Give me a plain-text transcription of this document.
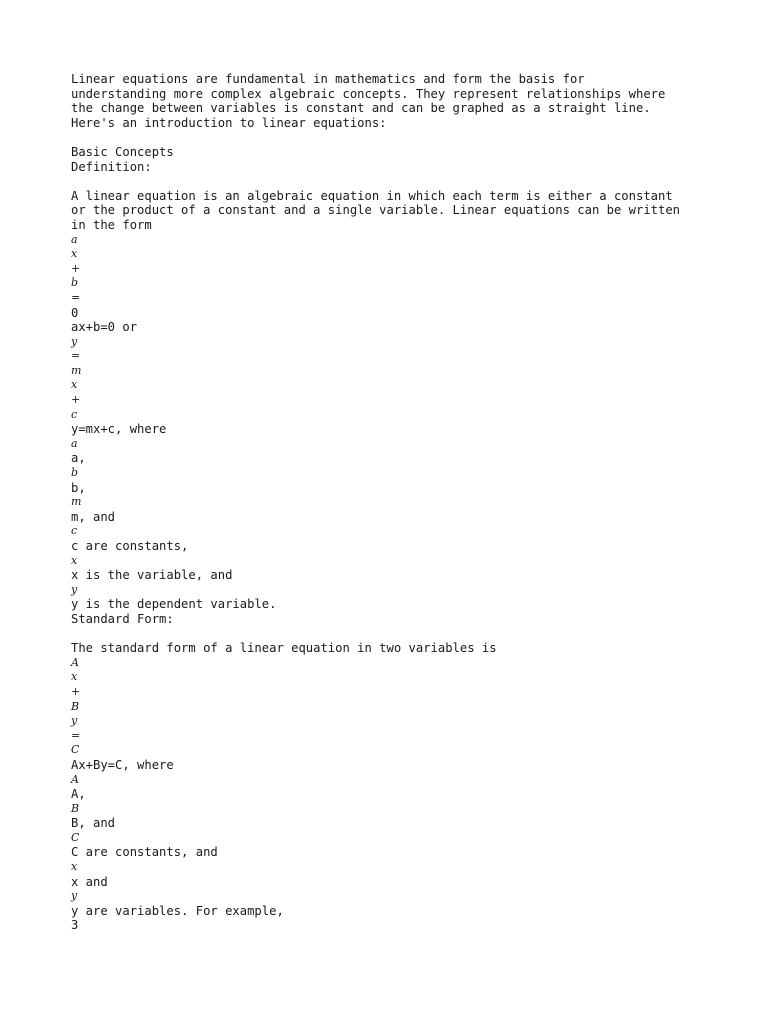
Linear equations are fundamental in mathematics and form the basis for
understanding more complex algebraic concepts. They represent relationships where
the change between variables is constant and can be graphed as a straight line.
Here's an introduction to linear equations:
Basic Concepts
Definition:
A linear equation is an algebraic equation in which each term is either a constant
or the product of a constant and a single variable. Linear equations can be written
in the form
a
x
+
b
=
0
ax+b=0 or
y
=
m
x
+
c
y=mx+c, where
a
a,
b
b,
m
m, and
c
c are constants,
x
x is the variable, and
y
y is the dependent variable.
Standard Form:
The standard form of a linear equation in two variables is
A
x
+
B
y
=
C
Ax+By=C, where
A
A,
B
B, and
C
C are constants, and
x
x and
y
y are variables. For example,
3
